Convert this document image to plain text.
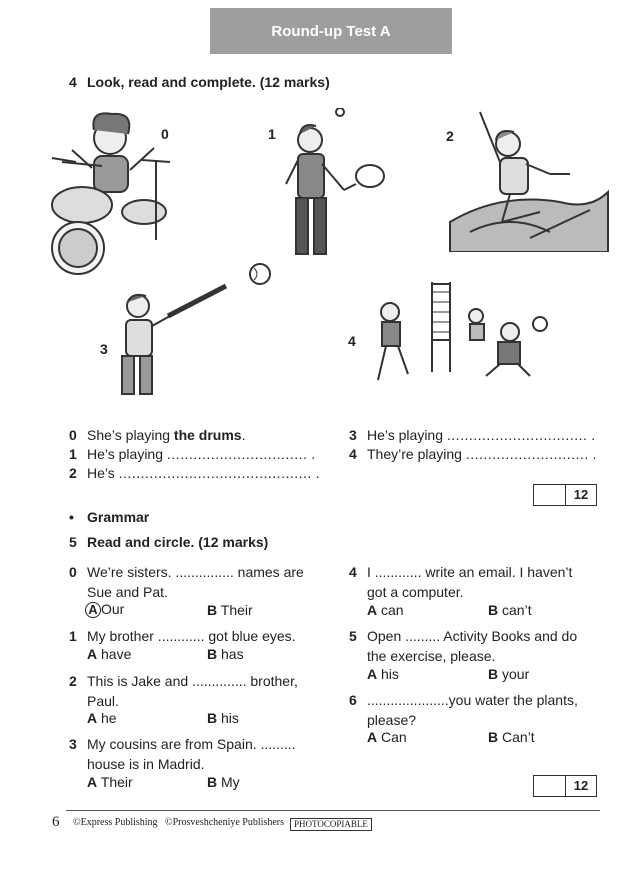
Round-up Test A
4 Look, read and complete. (12 marks)
0	1	2
3	4
0 She’s playing the drums.
1 He’s playing ................................ .
2 He’s ............................................ .
3 He’s playing ................................ .
4 They’re playing ............................ .
12
• Grammar
5 Read and circle. (12 marks)
0 We’re sisters. ............... names are
Sue and Pat.
A Our	B Their
1 My brother ............ got blue eyes.
A have	B has
2 This is Jake and .............. brother,
Paul.
A he	B his
3 My cousins are from Spain. .........
house is in Madrid.
A Their	B My
4 I ............ write an email. I haven’t
got a computer.
A can	B can’t
5 Open ......... Activity Books and do
the exercise, please.
A his	B your
6 .....................you water the plants,
please?
A Can	B Can’t
12
6 ©Express Publishing ©Prosveshcheniye Publishers	PHOTOCOPIABLE
